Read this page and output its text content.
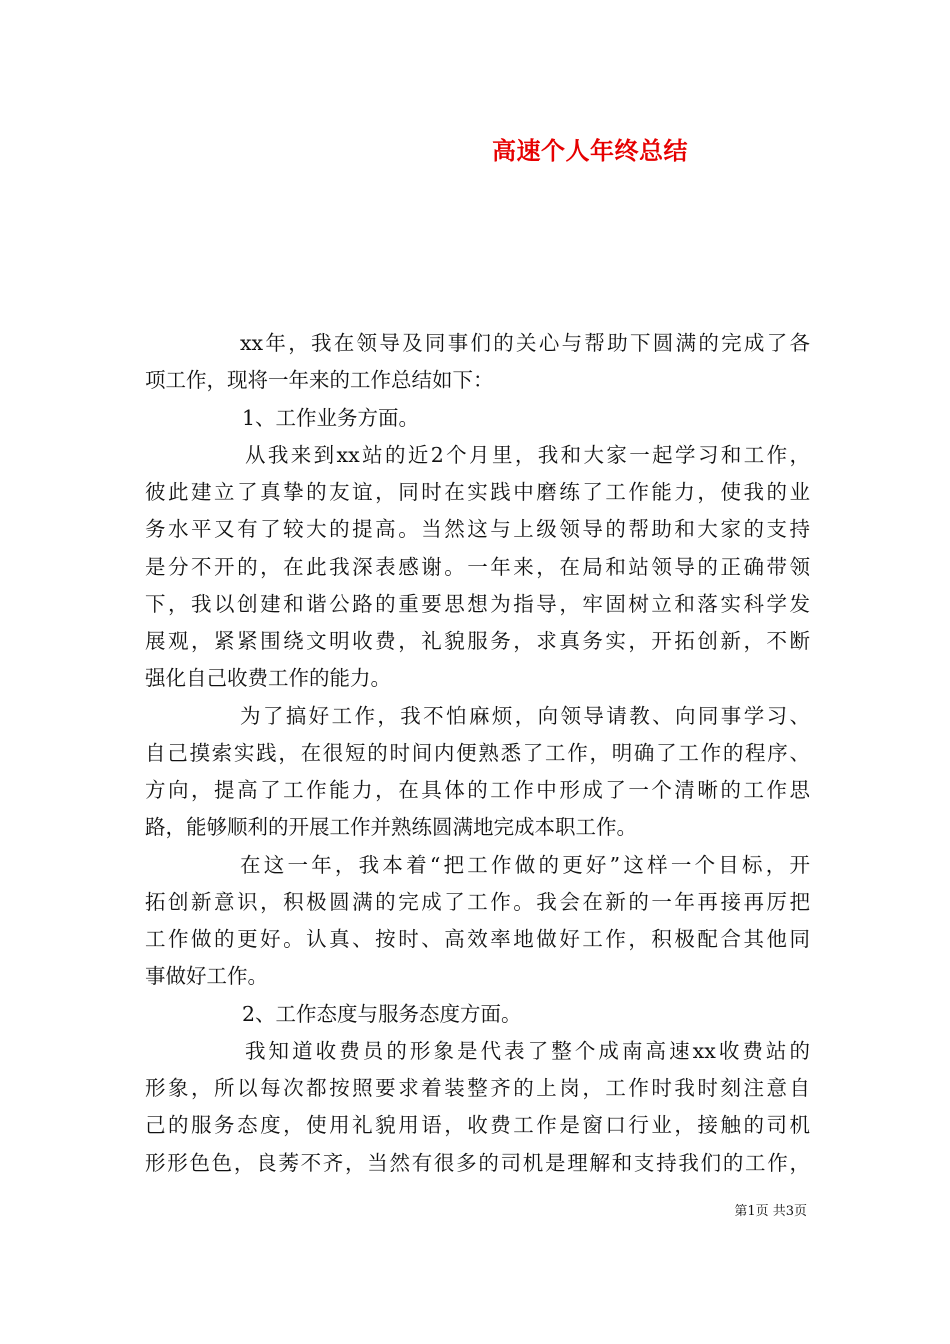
高速个人年终总结
xx年，我在领导及同事们的关心与帮助下圆满的完成了各
项工作，现将一年来的工作总结如下：
1、工作业务方面。
从我来到xx站的近2个月里，我和大家一起学习和工作，
彼此建立了真挚的友谊，同时在实践中磨练了工作能力，使我的业
务水平又有了较大的提高。当然这与上级领导的帮助和大家的支持
是分不开的，在此我深表感谢。一年来，在局和站领导的正确带领
下，我以创建和谐公路的重要思想为指导，牢固树立和落实科学发
展观，紧紧围绕文明收费，礼貌服务，求真务实，开拓创新，不断
强化自己收费工作的能力。
为了搞好工作，我不怕麻烦，向领导请教、向同事学习、
自己摸索实践，在很短的时间内便熟悉了工作，明确了工作的程序、
方向，提高了工作能力，在具体的工作中形成了一个清晰的工作思
路，能够顺利的开展工作并熟练圆满地完成本职工作。
在这一年，我本着“把工作做的更好”这样一个目标，开
拓创新意识，积极圆满的完成了工作。我会在新的一年再接再厉把
工作做的更好。认真、按时、高效率地做好工作，积极配合其他同
事做好工作。
2、工作态度与服务态度方面。
我知道收费员的形象是代表了整个成南高速xx收费站的
形象，所以每次都按照要求着装整齐的上岗，工作时我时刻注意自
己的服务态度，使用礼貌用语，收费工作是窗口行业，接触的司机
形形色色，良莠不齐，当然有很多的司机是理解和支持我们的工作，
第1页 共3页
